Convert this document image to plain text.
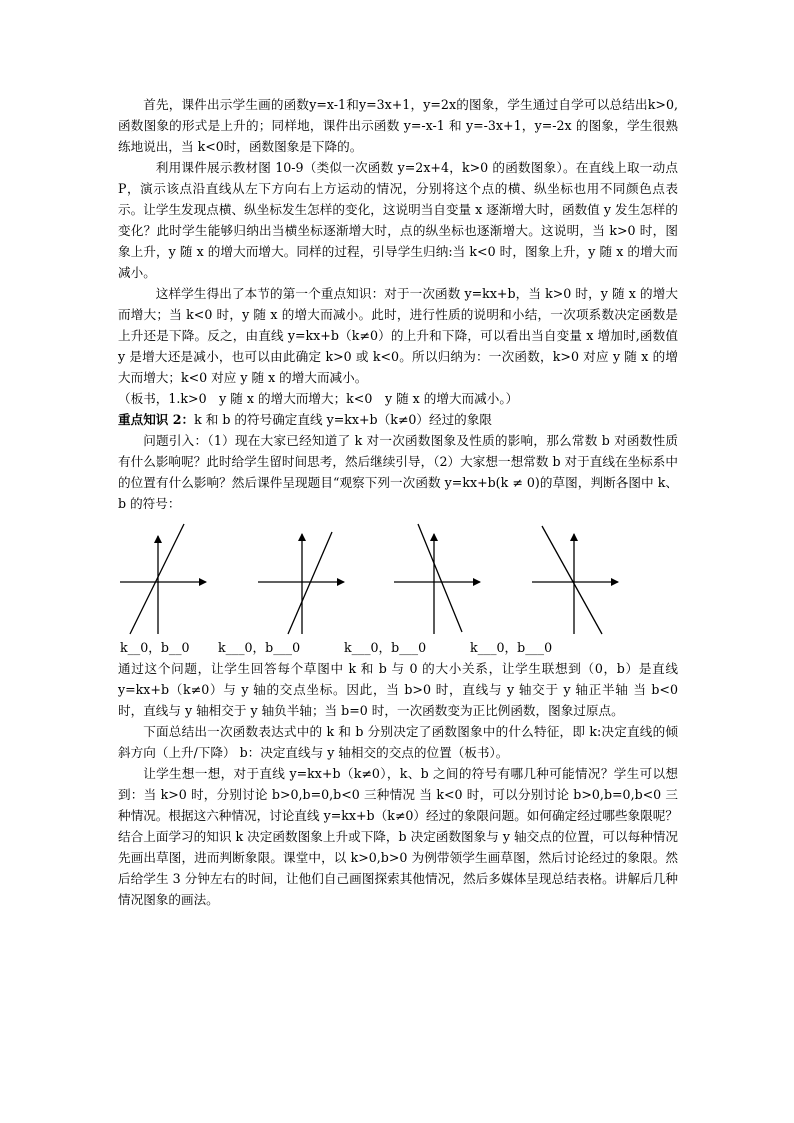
首先，课件出示学生画的函数y=x-1和y=3x+1，y=2x的图象，学生通过自学可以总结出k>0,函数图象的形式是上升的；同样地，课件出示函数 y=-x-1 和 y=-3x+1，y=-2x 的图象，学生很熟练地说出，当 k<0时，函数图象是下降的。

利用课件展示教材图 10-9（类似一次函数 y=2x+4，k>0 的函数图象）。在直线上取一动点 P，演示该点沿直线从左下方向右上方运动的情况，分别将这个点的横、纵坐标也用不同颜色点表示。让学生发现点横、纵坐标发生怎样的变化，这说明当自变量 x 逐渐增大时，函数值 y 发生怎样的变化？此时学生能够归纳出当横坐标逐渐增大时，点的纵坐标也逐渐增大。这说明，当 k>0 时，图象上升，y 随 x 的增大而增大。同样的过程，引导学生归纳:当 k<0 时，图象上升，y 随 x 的增大而减小。

这样学生得出了本节的第一个重点知识：对于一次函数 y=kx+b，当 k>0 时，y 随 x 的增大而增大；当 k<0 时，y 随 x 的增大而减小。此时，进行性质的说明和小结，一次项系数决定函数是上升还是下降。反之，由直线 y=kx+b（k≠0）的上升和下降，可以看出当自变量 x 增加时,函数值 y 是增大还是减小，也可以由此确定 k>0 或 k<0。所以归纳为：一次函数，k>0 对应 y 随 x 的增大而增大；k<0 对应 y 随 x 的增大而减小。

（板书，1.k>0　y 随 x 的增大而增大；k<0　y 随 x 的增大而减小。）

重点知识 2：k 和 b 的符号确定直线 y=kx+b（k≠0）经过的象限

问题引入：（1）现在大家已经知道了 k 对一次函数图象及性质的影响，那么常数 b 对函数性质有什么影响呢？此时给学生留时间思考，然后继续引导，（2）大家想一想常数 b 对于直线在坐标系中的位置有什么影响？然后课件呈现题目“观察下列一次函数 y=kx+b(k ≠ 0)的草图，判断各图中 k、b 的符号：

k__0，b__0 k___0，b___0	k___0，b___0	k___0，b___0

通过这个问题，让学生回答每个草图中 k 和 b 与 0 的大小关系，让学生联想到（0，b）是直线 y=kx+b（k≠0）与 y 轴的交点坐标。因此，当 b>0 时，直线与 y 轴交于 y 轴正半轴 当 b<0 时，直线与 y 轴相交于 y 轴负半轴；当 b=0 时，一次函数变为正比例函数，图象过原点。

下面总结出一次函数表达式中的 k 和 b 分别决定了函数图象中的什么特征，即 k:决定直线的倾斜方向（上升/下降） b：决定直线与 y 轴相交的交点的位置（板书）。

让学生想一想，对于直线 y=kx+b（k≠0），k、b 之间的符号有哪几种可能情况？学生可以想到：当 k>0 时，分别讨论 b>0,b=0,b<0 三种情况 当 k<0 时，可以分别讨论 b>0,b=0,b<0 三种情况。根据这六种情况，讨论直线 y=kx+b（k≠0）经过的象限问题。如何确定经过哪些象限呢？结合上面学习的知识 k 决定函数图象上升或下降，b 决定函数图象与 y 轴交点的位置，可以每种情况先画出草图，进而判断象限。课堂中，以 k>0,b>0 为例带领学生画草图，然后讨论经过的象限。然后给学生 3 分钟左右的时间，让他们自己画图探索其他情况，然后多媒体呈现总结表格。讲解后几种情况图象的画法。
